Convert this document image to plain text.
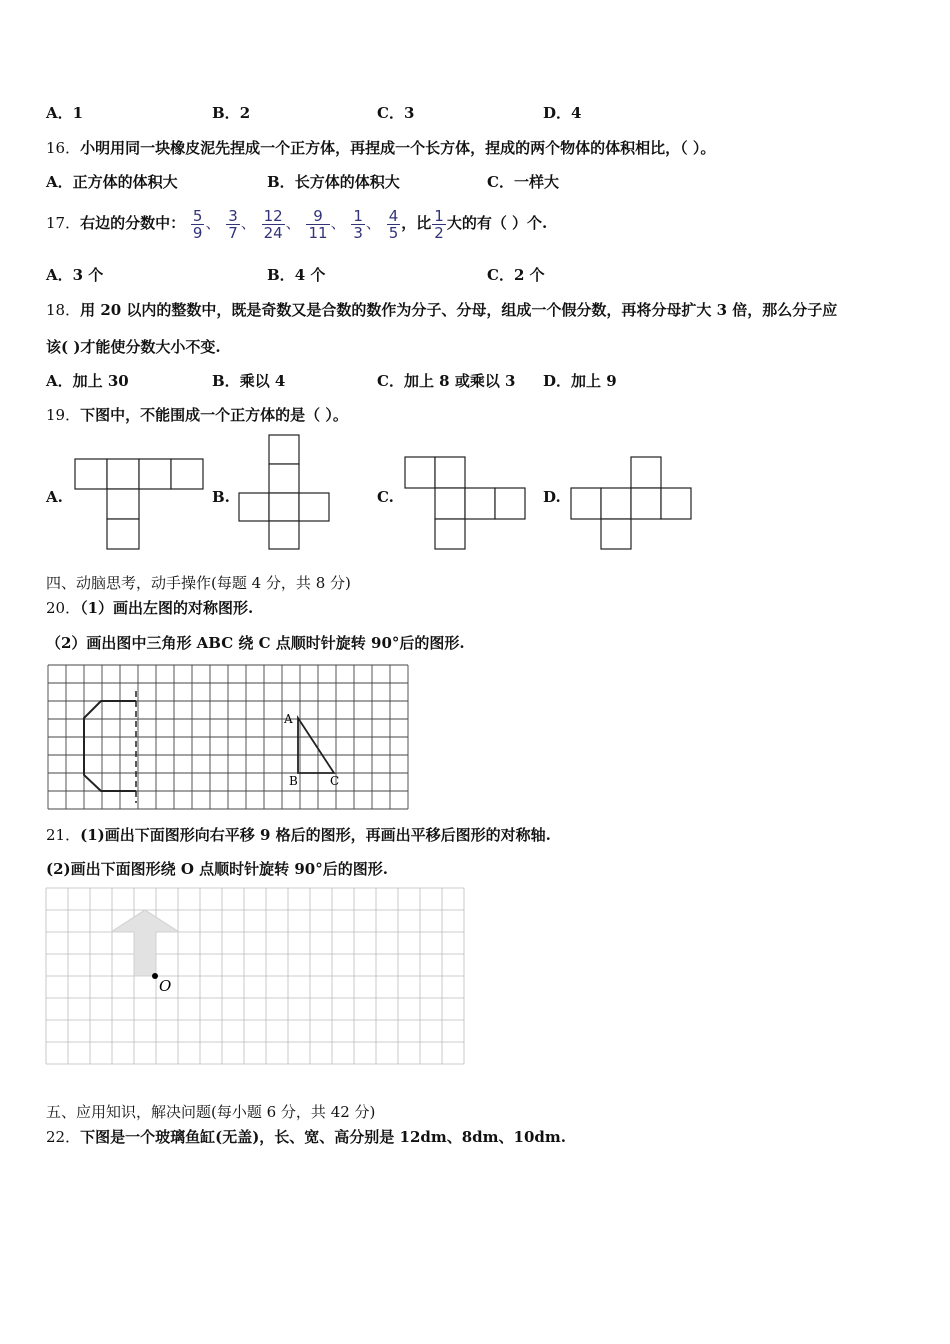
A．1	B．2	C．3	D．4
16．小明用同一块橡皮泥先捏成一个正方体，再捏成一个长方体，捏成的两个物体的体积相比，（ ）。
A．正方体的体积大	B．长方体的体积大	C．一样大
17．右边的分数中： $\frac{5}{9}$ 、 $\frac{3}{7}$ 、 $\frac{12}{24}$ 、 $\frac{9}{11}$ 、 $\frac{1}{3}$ 、 $\frac{4}{5}$ ，比 $\frac{1}{2}$ 大的有（ ）个.
A．3 个	B．4 个	C．2 个
18．用 20 以内的整数中，既是奇数又是合数的数作为分子、分母，组成一个假分数，再将分母扩大 3 倍，那么分子应
该( )才能使分数大小不变.
A．加上 30	B．乘以 4	C．加上 8 或乘以 3 D．加上 9
19．下图中，不能围成一个正方体的是（ ）。
A.	B.	C.	D.
四、动脑思考，动手操作(每题 4 分，共 8 分)
20．（1）画出左图的对称图形.
（2）画出图中三角形 ABC 绕 C 点顺时针旋转 90°后的图形.
A
B	C
21．(1)画出下面图形向右平移 9 格后的图形，再画出平移后图形的对称轴.
(2)画出下面图形绕 O 点顺时针旋转 90°后的图形.
O
五、应用知识，解决问题(每小题 6 分，共 42 分)
22．下图是一个玻璃鱼缸(无盖)，长、宽、高分别是 12dm、8dm、10dm.
